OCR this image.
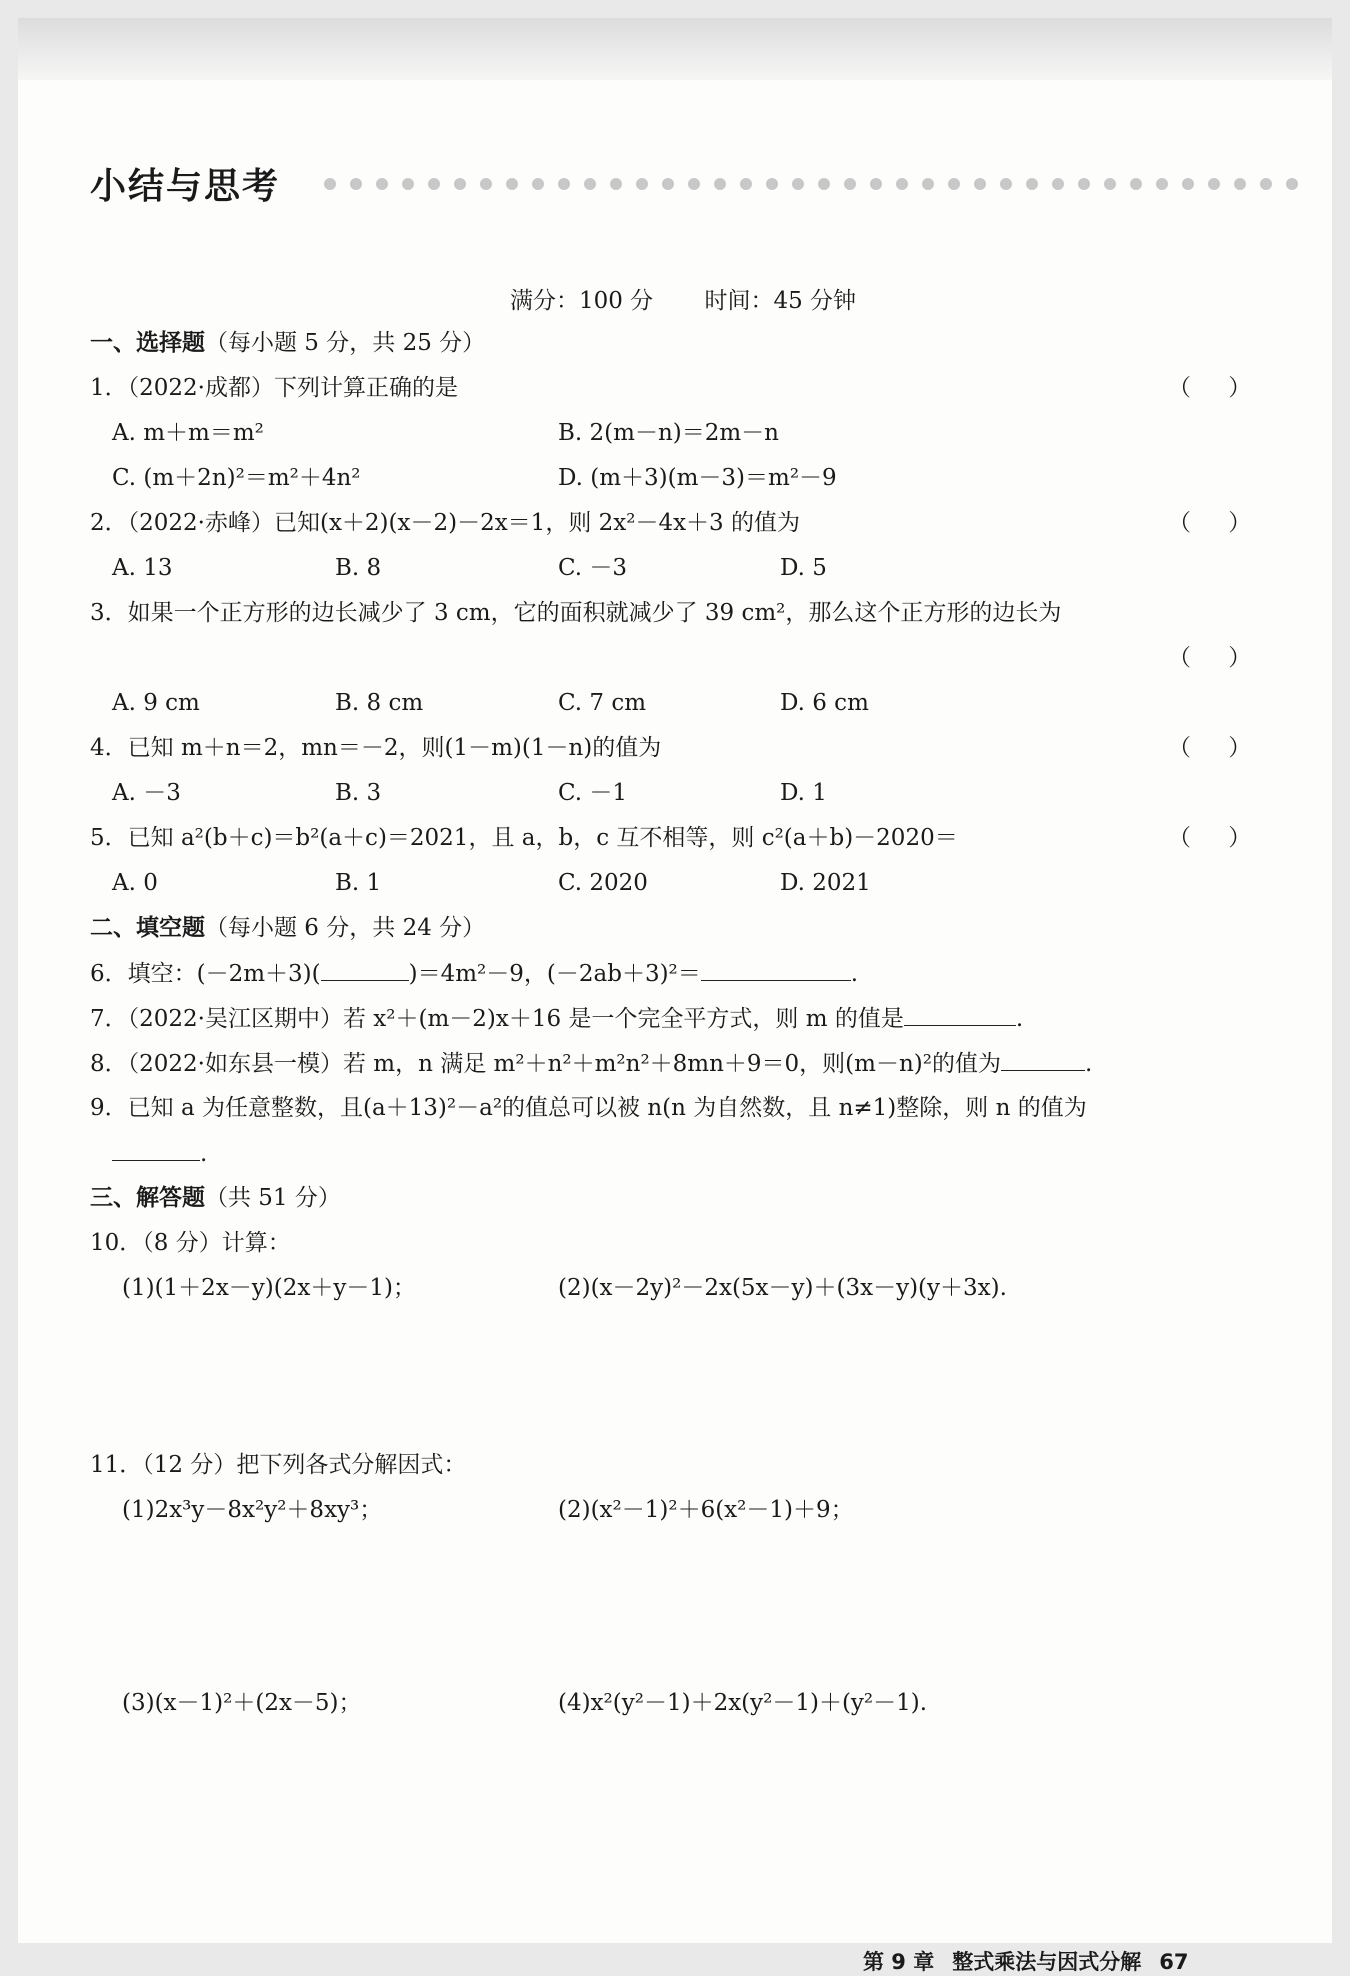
小结与思考
满分：100 分 时间：45 分钟
一、选择题（每小题 5 分，共 25 分）
1．（2022·成都）下列计算正确的是	（ ）
A. m＋m＝m²	B. 2(m－n)＝2m－n
C. (m＋2n)²＝m²＋4n²	D. (m＋3)(m－3)＝m²－9
2．（2022·赤峰）已知(x＋2)(x－2)－2x＝1，则 2x²－4x＋3 的值为	（ ）
A. 13	B. 8	C. －3	D. 5
3．如果一个正方形的边长减少了 3 cm，它的面积就减少了 39 cm²，那么这个正方形的边长为
（ ）
A. 9 cm	B. 8 cm	C. 7 cm	D. 6 cm
4．已知 m＋n＝2，mn＝－2，则(1－m)(1－n)的值为	（ ）
A. －3	B. 3	C. －1	D. 1
5．已知 a²(b＋c)＝b²(a＋c)＝2021，且 a，b，c 互不相等，则 c²(a＋b)－2020＝	（ ）
A. 0	B. 1	C. 2020	D. 2021
二、填空题（每小题 6 分，共 24 分）
6．填空：(－2m＋3)(	)＝4m²－9，(－2ab＋3)²＝	.
7．（2022·吴江区期中）若 x²＋(m－2)x＋16 是一个完全平方式，则 m 的值是	.
8．（2022·如东县一模）若 m，n 满足 m²＋n²＋m²n²＋8mn＋9＝0，则(m－n)²的值为	.
9．已知 a 为任意整数，且(a＋13)²－a²的值总可以被 n(n 为自然数，且 n≠1)整除，则 n 的值为
.
三、解答题（共 51 分）
10．（8 分）计算：
(1)(1＋2x－y)(2x＋y－1)；	(2)(x－2y)²－2x(5x－y)＋(3x－y)(y＋3x).
11．（12 分）把下列各式分解因式：
(1)2x³y－8x²y²＋8xy³；	(2)(x²－1)²＋6(x²－1)＋9；
(3)(x－1)²＋(2x－5)；	(4)x²(y²－1)＋2x(y²－1)＋(y²－1).
第 9 章 整式乘法与因式分解 67
